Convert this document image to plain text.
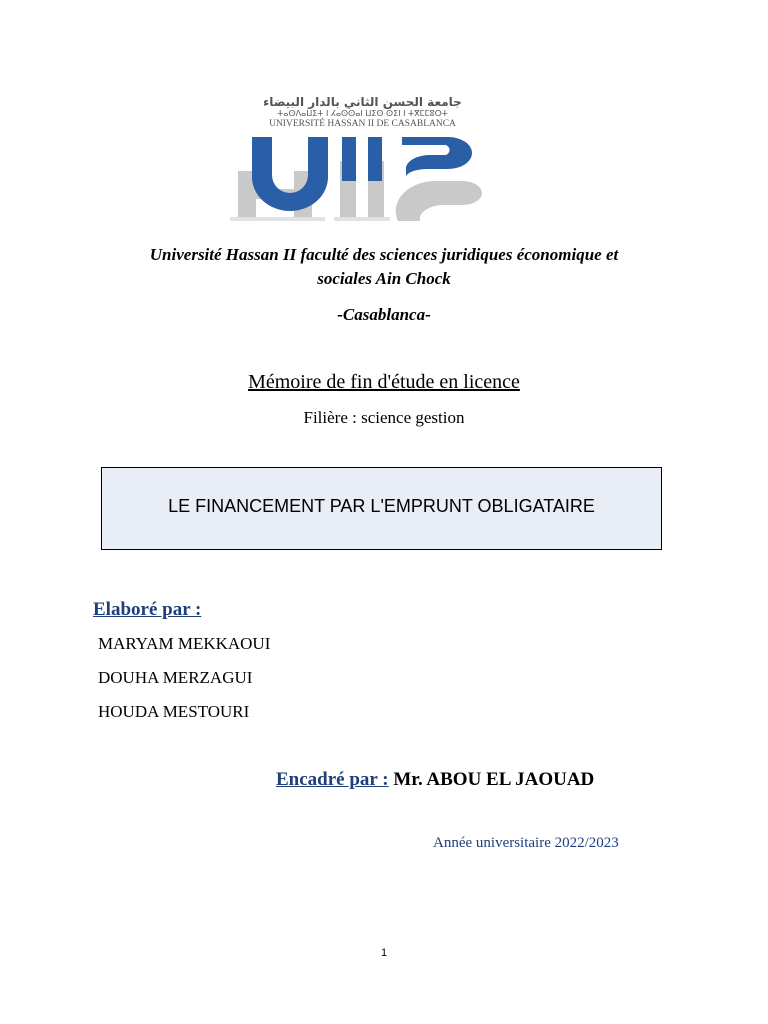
جامعة الحسن الثاني بالدار البيضاء
ⵜⴰⵙⴷⴰⵡⵉⵜ ⵏ ⵃⴰⵙⵙⴰⵏ ⵡⵉⵙ ⵙⵉⵏ ⵏ ⵜⴳⵎⵎⵓⵔⵜ
UNIVERSITÉ HASSAN II DE CASABLANCA
Université Hassan II faculté des sciences juridiques économique et
sociales Ain Chock
-Casablanca-
Mémoire de fin d'étude en licence
Filière : science gestion
LE FINANCEMENT PAR L'EMPRUNT OBLIGATAIRE
Elaboré par :
MARYAM MEKKAOUI
DOUHA MERZAGUI
HOUDA MESTOURI
Encadré par : Mr. ABOU EL JAOUAD
Année universitaire 2022/2023
1
